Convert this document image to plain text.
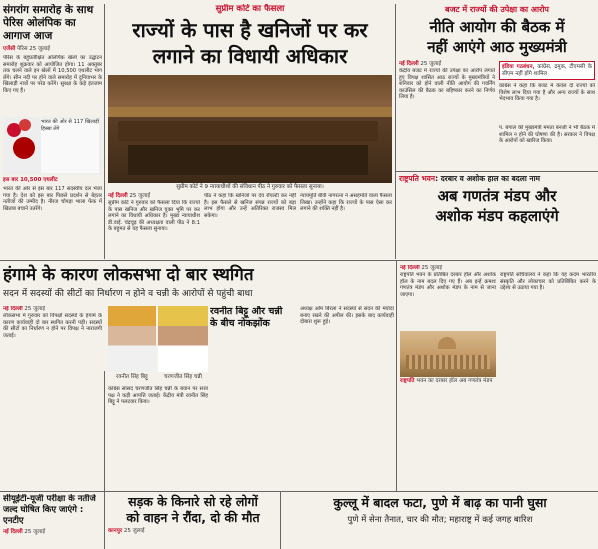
संगरांग समारोह के साथ पेरिस ओलंपिक का आगाज आज
एजेंसी पेरिस 25 जुलाई
पेरिस के बहुप्रतीक्षित ओलंपिक खेलों का उद्घाटन समारोह शुक्रवार को आयोजित होगा। 11 अक्तूबर तक चलने वाले इन खेलों में 10,500 एथलीट भाग लेंगे। सीन नदी पर होने वाले समारोह में दुनियाभर के खिलाड़ी नावों पर परेड करेंगे। सुरक्षा के कड़े इंतजाम किए गए हैं।
भारत की ओर से 117 खिलाड़ी हिस्सा लेंगे
इस बार 10,500 एथलीट
भारत की ओर से इस बार 117 सदस्यीय दल भेजा गया है। देश को इस बार पिछले प्रदर्शन से बेहतर नतीजों की उम्मीद है। नीरज चोपड़ा भाला फेंक में खिताब बचाने उतरेंगे।
सुप्रीम कोर्ट का फैसला
राज्यों के पास है खनिजों पर कर
लगाने का विधायी अधिकार
सुप्रीम कोर्ट ने 9 न्यायाधीशों की संविधान पीठ ने गुरुवार को फैसला सुनाया।
नई दिल्ली 25 जुलाई
सुप्रीम कोर्ट ने गुरुवार को फैसला दिया कि राज्यों के पास खनिज और खनिज युक्त भूमि पर कर लगाने का विधायी अधिकार है। मुख्य न्यायाधीश डी.वाई. चंद्रचूड़ की अध्यक्षता वाली पीठ ने 8:1 के बहुमत से यह फैसला सुनाया।
पीठ ने कहा कि खनिजों पर देय रॉयल्टी कर नहीं है। इस फैसले से खनिज संपन्न राज्यों को बड़ा लाभ होगा और उन्हें अतिरिक्त राजस्व मिल सकेगा।
न्यायमूर्ति बीवी नागरत्ना ने असहमति वाला फैसला लिखा। उन्होंने कहा कि राज्यों के पास ऐसा कर लगाने की शक्ति नहीं है।
बजट में राज्यों की उपेक्षा का आरोप
नीति आयोग की बैठक में
नहीं आएंगे आठ मुख्यमंत्री
नई दिल्ली 25 जुलाई
केंद्रीय बजट में राज्यों की उपेक्षा का आरोप लगाते हुए विपक्ष शासित आठ राज्यों के मुख्यमंत्रियों ने शनिवार को होने वाली नीति आयोग की गवर्निंग काउंसिल की बैठक का बहिष्कार करने का निर्णय लिया है।
इंडिया गठबंधन, कांग्रेस, द्रमुक, टीएमसी के सीएम नहीं होंगे शामिल
कांग्रेस ने कहा कि बजट में केवल दो राज्यों को विशेष लाभ दिया गया है और अन्य राज्यों के साथ भेदभाव किया गया है।
प. बंगाल की मुख्यमंत्री ममता बनर्जी ने भी बैठक में शामिल न होने की घोषणा की है। सरकार ने विपक्ष के आरोपों को खारिज किया।
राष्ट्रपति भवन: दरबार व अशोक हाल का बदला नाम
अब गणतंत्र मंडप और
अशोक मंडप कहलाएंगे
नई दिल्ली 25 जुलाई
राष्ट्रपति भवन के प्रतिष्ठित दरबार हॉल और अशोक हॉल के नाम बदल दिए गए हैं। अब इन्हें क्रमशः गणतंत्र मंडप और अशोक मंडप के नाम से जाना जाएगा।
राष्ट्रपति भवन का दरबार हॉल अब गणतंत्र मंडप
राष्ट्रपति सचिवालय ने कहा कि यह कदम भारतीय संस्कृति और लोकाचार को प्रतिबिंबित करने के उद्देश्य से उठाया गया है।
हंगामे के कारण लोकसभा दो बार स्थगित
सदन में सदस्यों की सीटों का निर्धारण न होने व चन्नी के आरोपों से पहुंची बाधा
नई दिल्ली 25 जुलाई
लोकसभा में गुरुवार को विपक्षी सदस्यों के हंगामे के कारण कार्यवाही दो बार स्थगित करनी पड़ी। सदस्यों की सीटों का निर्धारण न होने पर विपक्ष ने नाराजगी जताई।
रवनीत सिंह बिट्टू	चरणजीत सिंह चन्नी
कांग्रेस सांसद चरणजीत सिंह चन्नी के बयान पर सत्ता पक्ष ने कड़ी आपत्ति जताई। केंद्रीय मंत्री रवनीत सिंह बिट्टू ने पलटवार किया।
रवनीत बिट्टू और चन्नी
के बीच नोकझोंक
अध्यक्ष ओम बिरला ने सदस्यों से सदन की मर्यादा बनाए रखने की अपील की। इसके बाद कार्यवाही दोबारा शुरू हुई।
सीयूईटी-यूजी परीक्षा के नतीजे जल्द घोषित किए जाएंगे : एनटीए
नई दिल्ली 25 जुलाई
सड़क के किनारे सो रहे लोगों
को वाहन ने रौंदा, दो की मौत
कानपुर 25 जुलाई
कुल्लू में बादल फटा, पुणे में बाढ़ का पानी घुसा
पुणे में सेना तैनात, चार की मौत; महाराष्ट्र में कई जगह बारिश
